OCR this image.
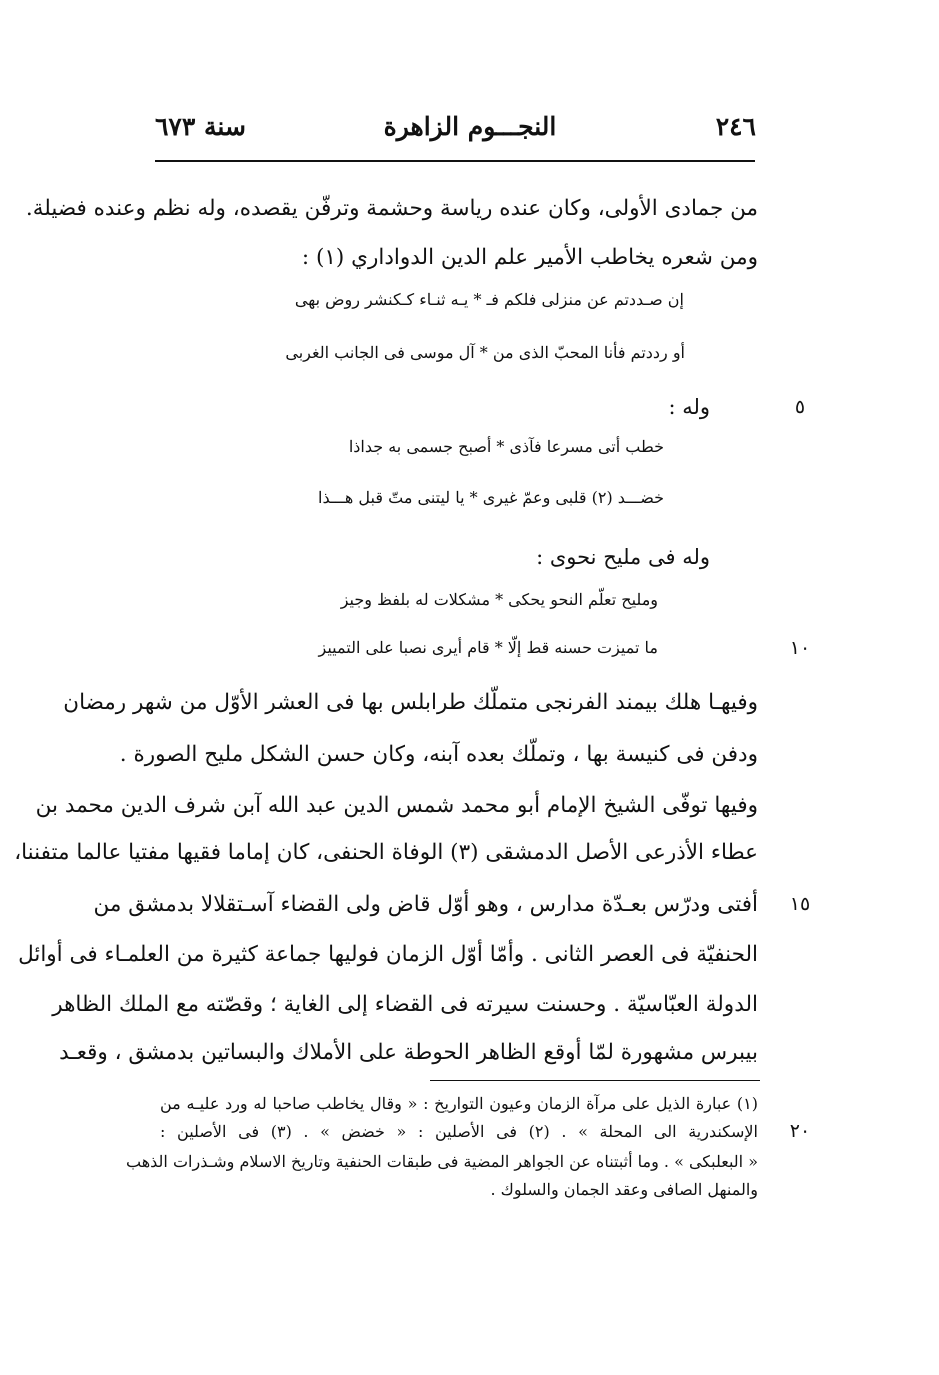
٢٤٦
النجـــوم الزاهرة
سنة ٦٧٣
من جمادى الأولى، وكان عنده رياسة وحشمة وترفّن يقصده، وله نظم وعنده فضيلة.
ومن شعره يخاطب الأمير علم الدين الدواداري (١) :
إن صـددتم عن منزلى فلكم فـ * يـه ثنـاء كـكنشر روض بهى
أو رددتم فأنا المحبّ الذى من * آل موسى فى الجانب الغربى
وله :
خطب أتى مسرعا فآذى * أصبح جسمى به جداذا
خضـــد (٢) قلبى وعمّ غيرى * يا ليتنى متّ قبل هـــذا
وله فى مليح نحوى :
ومليح تعلّم النحو يحكى * مشكلات له بلفظ وجيز
ما تميزت حسنه قط إلّا * قام أيرى نصبا على التمييز
وفيهـا هلك بيمند الفرنجى متملّك طرابلس بها فى العشر الأوّل من شهر رمضان
ودفن فى كنيسة بها ، وتملّك بعده آبنه، وكان حسن الشكل مليح الصورة .
وفيها توفّى الشيخ الإمام أبو محمد شمس الدين عبد الله آبن شرف الدين محمد بن
عطاء الأذرعى الأصل الدمشقى (٣) الوفاة الحنفى، كان إماما فقيها مفتيا عالما متفننا،
أفتى ودرّس بعـدّة مدارس ، وهو أوّل قاض ولى القضاء آسـتقلالا بدمشق من
الحنفيّة فى العصر الثانى . وأمّا أوّل الزمان فوليها جماعة كثيرة من العلمـاء فى أوائل
الدولة العبّاسيّة . وحسنت سيرته فى القضاء إلى الغاية ؛ وقصّته مع الملك الظاهر
بيبرس مشهورة لمّا أوقع الظاهر الحوطة على الأملاك والبساتين بدمشق ، وقعـد
٥
١٠
١٥
٢٠
(١) عبارة الذيل على مرآة الزمان وعيون التواريخ : « وقال يخاطب صاحبا له ورد عليـه من
الإسكندرية الى المحلة » . (٢) فى الأصلين : « خضض » . (٣) فى الأصلين :
« البعلبكى » . وما أثبتناه عن الجواهر المضية فى طبقات الحنفية وتاريخ الاسلام وشـذرات الذهب
والمنهل الصافى وعقد الجمان والسلوك .
